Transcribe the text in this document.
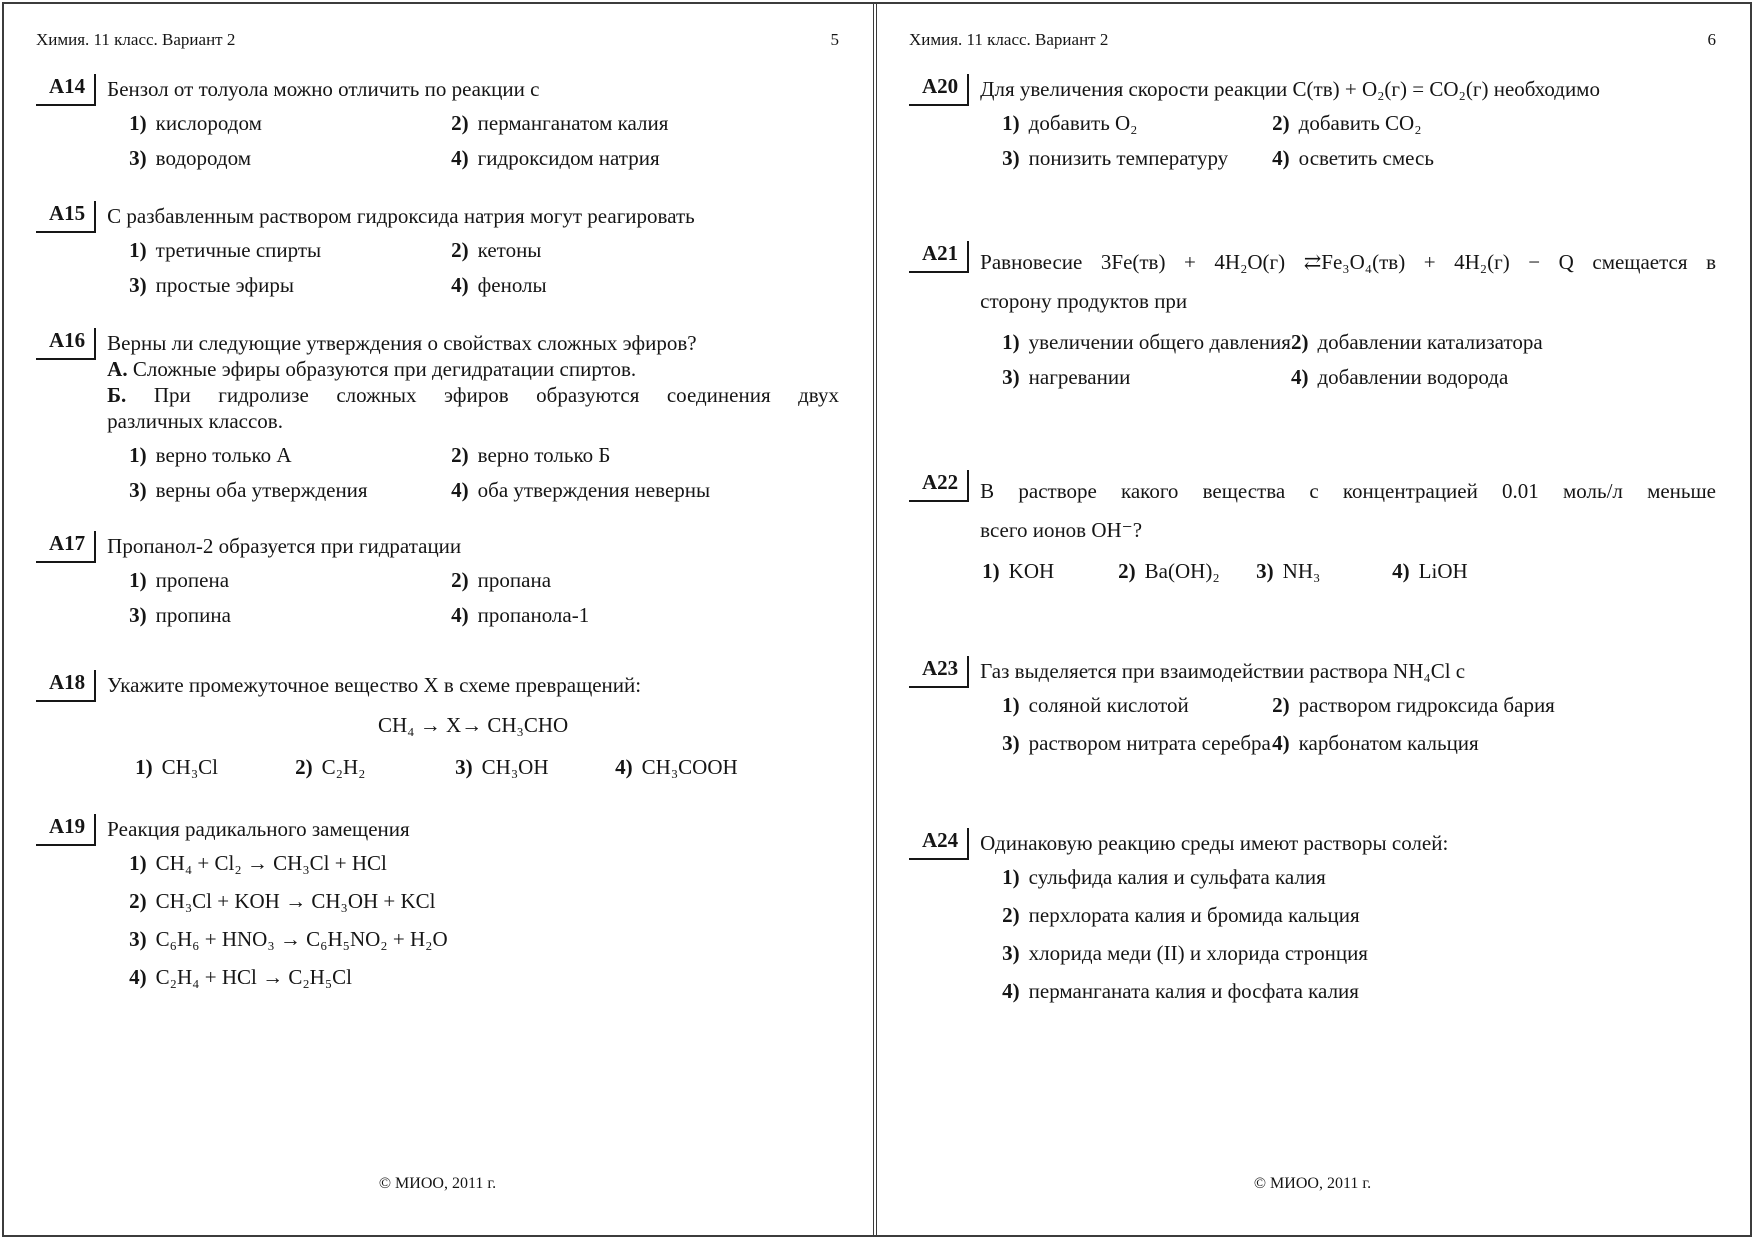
Химия. 11 класс. Вариант 2	5
А14	Бензол от толуола можно отличить по реакции с
1) кислородом	2) перманганатом калия
3) водородом	4) гидроксидом натрия
А15	С разбавленным раствором гидроксида натрия могут реагировать
1) третичные спирты	2) кетоны
3) простые эфиры	4) фенолы
А16	Верны ли следующие утверждения о свойствах сложных эфиров?
А. Сложные эфиры образуются при дегидратации спиртов.
Б. При гидролизе сложных эфиров образуются соединения двух
различных классов.
1) верно только А	2) верно только Б
3) верны оба утверждения	4) оба утверждения неверны
А17	Пропанол-2 образуется при гидратации
1) пропена	2) пропана
3) пропина	4) пропанола-1
А18	Укажите промежуточное вещество X в схеме превращений:
CH₄ → X→ CH₃CHO
1) CH₃Cl	2) C₂H₂	3) CH₃OH	4) CH₃COOH
А19	Реакция радикального замещения
1) CH₄ + Cl₂ → CH₃Cl + HCl
2) CH₃Cl + KOH → CH₃OH + KCl
3) C₆H₆ + HNO₃ → C₆H₅NO₂ + H₂O
4) C₂H₄ + HCl → C₂H₅Cl
© МИОО, 2011 г.
Химия. 11 класс. Вариант 2	6
А20	Для увеличения скорости реакции C(тв) + O₂(г) = CO₂(г) необходимо
1) добавить O₂	2) добавить CO₂
3) понизить температуру	4) осветить смесь
А21	Равновесие 3Fe(тв) + 4H₂O(г) ⇄Fe₃O₄(тв) + 4H₂(г) − Q смещается в
сторону продуктов при
1) увеличении общего давления 2) добавлении катализатора
3) нагревании	4) добавлении водорода
А22	В растворе какого вещества с концентрацией 0.01 моль/л меньше
всего ионов OH⁻?
1) KOH	2) Ba(OH)₂	3) NH₃	4) LiOH
А23	Газ выделяется при взаимодействии раствора NH₄Cl с
1) соляной кислотой	2) раствором гидроксида бария
3) раствором нитрата серебра 4) карбонатом кальция
А24	Одинаковую реакцию среды имеют растворы солей:
1) сульфида калия и сульфата калия
2) перхлората калия и бромида кальция
3) хлорида меди (II) и хлорида стронция
4) перманганата калия и фосфата калия
© МИОО, 2011 г.
